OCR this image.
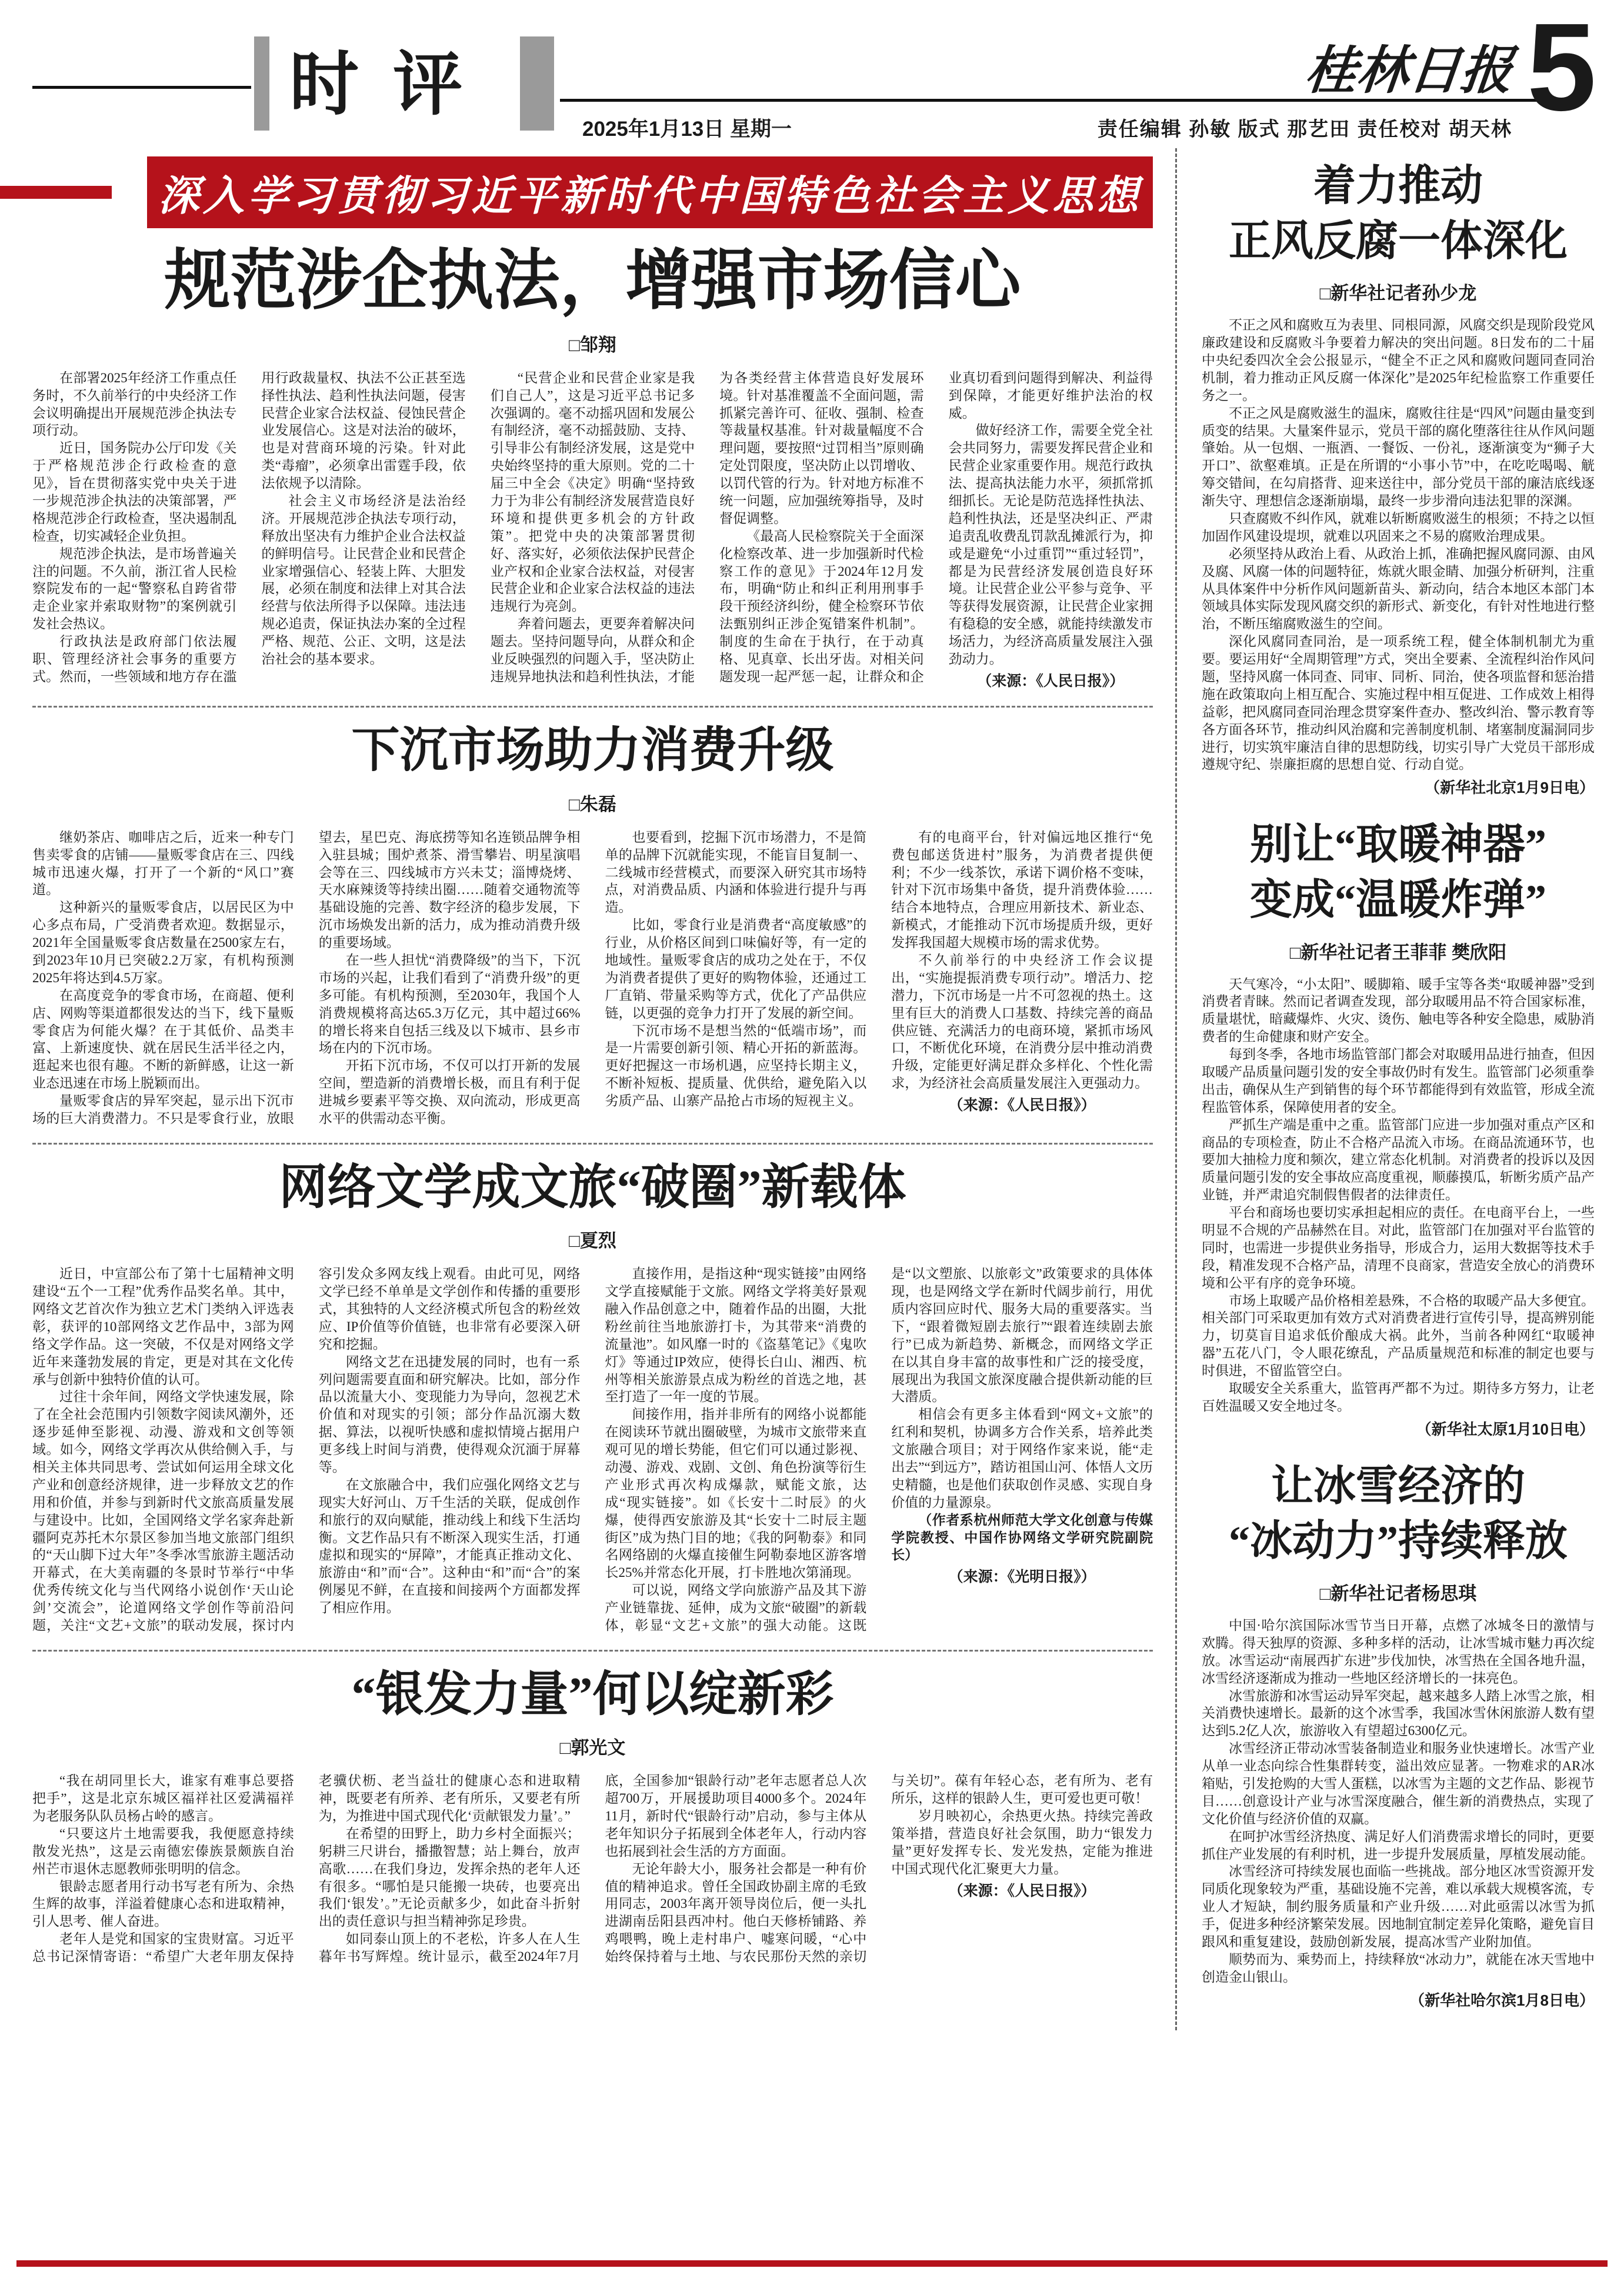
时评
2025年1月13日 星期一
桂林日报 5
责任编辑 孙敏 版式 那艺田 责任校对 胡天林
深入学习贯彻习近平新时代中国特色社会主义思想
规范涉企执法，增强市场信心
□邹翔

在部署2025年经济工作重点任务时，不久前举行的中央经济工作会议明确提出开展规范涉企执法专项行动。

近日，国务院办公厅印发《关于严格规范涉企行政检查的意见》，旨在贯彻落实党中央关于进一步规范涉企执法的决策部署，严格规范涉企行政检查，坚决遏制乱检查，切实减轻企业负担。

规范涉企执法，是市场普遍关注的问题。不久前，浙江省人民检察院发布的一起“警察私自跨省带走企业家并索取财物”的案例就引发社会热议。

行政执法是政府部门依法履职、管理经济社会事务的重要方式。然而，一些领域和地方存在滥用行政裁量权、执法不公正甚至选择性执法、趋利性执法问题，侵害民营企业家合法权益、侵蚀民营企业发展信心。这是对法治的破坏，也是对营商环境的污染。针对此类“毒瘤”，必须拿出雷霆手段，依法依规予以清除。

社会主义市场经济是法治经济。开展规范涉企执法专项行动，释放出坚决有力维护企业合法权益的鲜明信号。让民营企业和民营企业家增强信心、轻装上阵、大胆发展，必须在制度和法律上对其合法经营与依法所得予以保障。违法违规必追责，保证执法办案的全过程严格、规范、公正、文明，这是法治社会的基本要求。

“民营企业和民营企业家是我们自己人”，这是习近平总书记多次强调的。毫不动摇巩固和发展公有制经济，毫不动摇鼓励、支持、引导非公有制经济发展，这是党中央始终坚持的重大原则。党的二十届三中全会《决定》明确“坚持致力于为非公有制经济发展营造良好环境和提供更多机会的方针政策”。把党中央的决策部署贯彻好、落实好，必须依法保护民营企业产权和企业家合法权益，对侵害民营企业和企业家合法权益的违法违规行为亮剑。

奔着问题去，更要奔着解决问题去。坚持问题导向，从群众和企业反映强烈的问题入手，坚决防止违规异地执法和趋利性执法，才能为各类经营主体营造良好发展环境。针对基准覆盖不全面问题，需抓紧完善许可、征收、强制、检查等裁量权基准。针对裁量幅度不合理问题，要按照“过罚相当”原则确定处罚限度，坚决防止以罚增收、以罚代管的行为。针对地方标准不统一问题，应加强统筹指导，及时督促调整。

《最高人民检察院关于全面深化检察改革、进一步加强新时代检察工作的意见》于2024年12月发布，明确“防止和纠正利用刑事手段干预经济纠纷，健全检察环节依法甄别纠正涉企冤错案件机制”。制度的生命在于执行，在于动真格、见真章、长出牙齿。对相关问题发现一起严惩一起，让群众和企业真切看到问题得到解决、利益得到保障，才能更好维护法治的权威。

做好经济工作，需要全党全社会共同努力，需要发挥民营企业和民营企业家重要作用。规范行政执法、提高执法能力水平，须抓常抓细抓长。无论是防范选择性执法、趋利性执法，还是坚决纠正、严肃追责乱收费乱罚款乱摊派行为，抑或是避免“小过重罚”“重过轻罚”，都是为民营经济发展创造良好环境。让民营企业公平参与竞争、平等获得发展资源，让民营企业家拥有稳稳的安全感，就能持续激发市场活力，为经济高质量发展注入强劲动力。

（来源：《人民日报》）

下沉市场助力消费升级
□朱磊

继奶茶店、咖啡店之后，近来一种专门售卖零食的店铺——量贩零食店在三、四线城市迅速火爆，打开了一个新的“风口”赛道。

这种新兴的量贩零食店，以居民区为中心多点布局，广受消费者欢迎。数据显示，2021年全国量贩零食店数量在2500家左右，到2023年10月已突破2.2万家，有机构预测2025年将达到4.5万家。

在高度竞争的零食市场，在商超、便利店、网购等渠道都很发达的当下，线下量贩零食店为何能火爆？在于其低价、品类丰富、上新速度快、就在居民生活半径之内，逛起来也很有趣。不断的新鲜感，让这一新业态迅速在市场上脱颖而出。

量贩零食店的异军突起，显示出下沉市场的巨大消费潜力。不只是零食行业，放眼望去，星巴克、海底捞等知名连锁品牌争相入驻县城；围炉煮茶、滑雪攀岩、明星演唱会等在三、四线城市方兴未艾；淄博烧烤、天水麻辣烫等持续出圈……随着交通物流等基础设施的完善、数字经济的稳步发展，下沉市场焕发出新的活力，成为推动消费升级的重要场域。

在一些人担忧“消费降级”的当下，下沉市场的兴起，让我们看到了“消费升级”的更多可能。有机构预测，至2030年，我国个人消费规模将高达65.3万亿元，其中超过66%的增长将来自包括三线及以下城市、县乡市场在内的下沉市场。

开拓下沉市场，不仅可以打开新的发展空间，塑造新的消费增长极，而且有利于促进城乡要素平等交换、双向流动，形成更高水平的供需动态平衡。

也要看到，挖掘下沉市场潜力，不是简单的品牌下沉就能实现，不能盲目复制一、二线城市经营模式，而要深入研究其市场特点，对消费品质、内涵和体验进行提升与再造。

比如，零食行业是消费者“高度敏感”的行业，从价格区间到口味偏好等，有一定的地域性。量贩零食店的成功之处在于，不仅为消费者提供了更好的购物体验，还通过工厂直销、带量采购等方式，优化了产品供应链，以更强的竞争力打开了发展的新空间。

下沉市场不是想当然的“低端市场”，而是一片需要创新引领、精心开拓的新蓝海。更好把握这一市场机遇，应坚持长期主义，不断补短板、提质量、优供给，避免陷入以劣质产品、山寨产品抢占市场的短视主义。

有的电商平台，针对偏远地区推行“免费包邮送货进村”服务，为消费者提供便利；不少一线茶饮，承诺下调价格不变味，针对下沉市场集中备货，提升消费体验……结合本地特点，合理应用新技术、新业态、新模式，才能推动下沉市场提质升级，更好发挥我国超大规模市场的需求优势。

不久前举行的中央经济工作会议提出，“实施提振消费专项行动”。增活力、挖潜力，下沉市场是一片不可忽视的热土。这里有巨大的消费人口基数、持续完善的商品供应链、充满活力的电商环境，紧抓市场风口，不断优化环境，在消费分层中推动消费升级，定能更好满足群众多样化、个性化需求，为经济社会高质量发展注入更强动力。

（来源：《人民日报》）

网络文学成文旅“破圈”新载体
□夏烈

近日，中宣部公布了第十七届精神文明建设“五个一工程”优秀作品奖名单。其中，网络文艺首次作为独立艺术门类纳入评选表彰，获评的10部网络文艺作品中，3部为网络文学作品。这一突破，不仅是对网络文学近年来蓬勃发展的肯定，更是对其在文化传承与创新中独特价值的认可。

过往十余年间，网络文学快速发展，除了在全社会范围内引领数字阅读风潮外，还逐步延伸至影视、动漫、游戏和文创等领域。如今，网络文学再次从供给侧入手，与相关主体共同思考、尝试如何运用全球文化产业和创意经济规律，进一步释放文艺的作用和价值，并参与到新时代文旅高质量发展与建设中。比如，全国网络文学名家奔赴新疆阿克苏托木尔景区参加当地文旅部门组织的“天山脚下过大年”冬季冰雪旅游主题活动开幕式，在大美南疆的冬景时节举行“中华优秀传统文化与当代网络小说创作‘天山论剑’交流会”，论道网络文学创作等前沿问题，关注“文艺+文旅”的联动发展，探讨内容引发众多网友线上观看。由此可见，网络文学已经不单单是文学创作和传播的重要形式，其独特的人文经济模式所包含的粉丝效应、IP价值等价值链，也非常有必要深入研究和挖掘。

网络文艺在迅捷发展的同时，也有一系列问题需要直面和研究解决。比如，部分作品以流量大小、变现能力为导向，忽视艺术价值和对现实的引领；部分作品沉溺大数据、算法，以视听快感和虚拟情境占据用户更多线上时间与消费，使得观众沉湎于屏幕等。

在文旅融合中，我们应强化网络文艺与现实大好河山、万千生活的关联，促成创作和旅行的双向赋能，推动线上和线下生活均衡。文艺作品只有不断深入现实生活，打通虚拟和现实的“屏障”，才能真正推动文化、旅游由“和”而“合”。这种由“和”而“合”的案例屡见不鲜，在直接和间接两个方面都发挥了相应作用。

直接作用，是指这种“现实链接”由网络文学直接赋能于文旅。网络文学将美好景观融入作品创意之中，随着作品的出圈，大批粉丝前往当地旅游打卡，为其带来“消费的流量池”。如风靡一时的《盗墓笔记》《鬼吹灯》等通过IP效应，使得长白山、湘西、杭州等相关旅游景点成为粉丝的首选之地，甚至打造了一年一度的节展。

间接作用，指并非所有的网络小说都能在阅读环节就出圈破壁，为城市文旅带来直观可见的增长势能，但它们可以通过影视、动漫、游戏、戏剧、文创、角色扮演等衍生产业形式再次构成爆款，赋能文旅，达成“现实链接”。如《长安十二时辰》的火爆，使得西安旅游及其“长安十二时辰主题街区”成为热门目的地；《我的阿勒泰》和同名网络剧的火爆直接催生阿勒泰地区游客增长25%并常态化开展，打卡胜地次第涌现。

可以说，网络文学向旅游产品及其下游产业链靠拢、延伸，成为文旅“破圈”的新载体，彰显“文艺+文旅”的强大动能。这既是“以文塑旅、以旅彰文”政策要求的具体体现，也是网络文学在新时代阔步前行，用优质内容回应时代、服务大局的重要落实。当下，“跟着微短剧去旅行”“跟着连续剧去旅行”已成为新趋势、新概念，而网络文学正在以其自身丰富的故事性和广泛的接受度，展现出为我国文旅深度融合提供新动能的巨大潜质。

相信会有更多主体看到“网文+文旅”的红利和契机，协调多方合作关系，培养此类文旅融合项目；对于网络作家来说，能“走出去”“到远方”，踏访祖国山河、体悟人文历史精髓，也是他们获取创作灵感、实现自身价值的力量源泉。

（作者系杭州师范大学文化创意与传媒学院教授、中国作协网络文学研究院副院长）

（来源：《光明日报》）

“银发力量”何以绽新彩
□郭光文

“我在胡同里长大，谁家有难事总要搭把手”，这是北京东城区福祥社区爱满福祥为老服务队队员杨占岭的感言。

“只要这片土地需要我，我便愿意持续散发光热”，这是云南德宏傣族景颇族自治州芒市退休志愿教师张明明的信念。

银龄志愿者用行动书写老有所为、余热生辉的故事，洋溢着健康心态和进取精神，引人思考、催人奋进。

老年人是党和国家的宝贵财富。习近平总书记深情寄语：“希望广大老年朋友保持老骥伏枥、老当益壮的健康心态和进取精神，既要老有所养、老有所乐，又要老有所为，为推进中国式现代化‘贡献银发力量’。”

在希望的田野上，助力乡村全面振兴；躬耕三尺讲台，播撒智慧；站上舞台，放声高歌……在我们身边，发挥余热的老年人还有很多。“哪怕是只能搬一块砖，也要亮出我们‘银发’。”无论贡献多少，如此奋斗折射出的责任意识与担当精神弥足珍贵。

如同泰山顶上的不老松，许多人在人生暮年书写辉煌。统计显示，截至2024年7月底，全国参加“银龄行动”老年志愿者总人次超700万，开展援助项目4000多个。2024年11月，新时代“银龄行动”启动，参与主体从老年知识分子拓展到全体老年人，行动内容也拓展到社会生活的方方面面。

无论年龄大小，服务社会都是一种有价值的精神追求。曾任全国政协副主席的毛致用同志，2003年离开领导岗位后，便一头扎进湖南岳阳县西冲村。他白天修桥铺路、养鸡喂鸭，晚上走村串户、嘘寒问暖，“心中始终保持着与土地、与农民那份天然的亲切与关切”。葆有年轻心态，老有所为、老有所乐，这样的银龄人生，更可爱也更可敬！

岁月映初心，余热更火热。持续完善政策举措，营造良好社会氛围，助力“银发力量”更好发挥专长、发光发热，定能为推进中国式现代化汇聚更大力量。

（来源：《人民日报》）

着力推动
正风反腐一体深化
□新华社记者孙少龙

不正之风和腐败互为表里、同根同源，风腐交织是现阶段党风廉政建设和反腐败斗争要着力解决的突出问题。8日发布的二十届中央纪委四次全会公报显示，“健全不正之风和腐败问题同查同治机制，着力推动正风反腐一体深化”是2025年纪检监察工作重要任务之一。

不正之风是腐败滋生的温床，腐败往往是“四风”问题由量变到质变的结果。大量案件显示，党员干部的腐化堕落往往从作风问题肇始。从一包烟、一瓶酒、一餐饭、一份礼，逐渐演变为“狮子大开口”、欲壑难填。正是在所谓的“小事小节”中，在吃吃喝喝、觥筹交错间，在勾肩搭背、迎来送往中，部分党员干部的廉洁底线逐渐失守、理想信念逐渐崩塌，最终一步步滑向违法犯罪的深渊。

只查腐败不纠作风，就难以斩断腐败滋生的根须；不持之以恒加固作风建设堤坝，就难以巩固来之不易的腐败治理成果。

必须坚持从政治上看、从政治上抓，准确把握风腐同源、由风及腐、风腐一体的问题特征，炼就火眼金睛、加强分析研判，注重从具体案件中分析作风问题新苗头、新动向，结合本地区本部门本领域具体实际发现风腐交织的新形式、新变化，有针对性地进行整治，不断压缩腐败滋生的空间。

深化风腐同查同治，是一项系统工程，健全体制机制尤为重要。要运用好“全周期管理”方式，突出全要素、全流程纠治作风问题，坚持风腐一体同查、同审、同析、同治，使各项监督和惩治措施在政策取向上相互配合、实施过程中相互促进、工作成效上相得益彰，把风腐同查同治理念贯穿案件查办、整改纠治、警示教育等各方面各环节，推动纠风治腐和完善制度机制、堵塞制度漏洞同步进行，切实筑牢廉洁自律的思想防线，切实引导广大党员干部形成遵规守纪、崇廉拒腐的思想自觉、行动自觉。

（新华社北京1月9日电）
别让“取暖神器”
变成“温暖炸弹”
□新华社记者王菲菲 樊欣阳

天气寒冷，“小太阳”、暖脚箱、暖手宝等各类“取暖神器”受到消费者青睐。然而记者调查发现，部分取暖用品不符合国家标准，质量堪忧，暗藏爆炸、火灾、烫伤、触电等各种安全隐患，威胁消费者的生命健康和财产安全。

每到冬季，各地市场监管部门都会对取暖用品进行抽查，但因取暖产品质量问题引发的安全事故仍时有发生。监管部门必须重拳出击，确保从生产到销售的每个环节都能得到有效监管，形成全流程监管体系，保障使用者的安全。

严抓生产端是重中之重。监管部门应进一步加强对重点产区和商品的专项检查，防止不合格产品流入市场。在商品流通环节，也要加大抽检力度和频次，建立常态化机制。对消费者的投诉以及因质量问题引发的安全事故应高度重视，顺藤摸瓜，斩断劣质产品产业链，并严肃追究制假售假者的法律责任。

平台和商场也要切实承担起相应的责任。在电商平台上，一些明显不合规的产品赫然在目。对此，监管部门在加强对平台监管的同时，也需进一步提供业务指导，形成合力，运用大数据等技术手段，精准发现不合格产品，清理不良商家，营造安全放心的消费环境和公平有序的竞争环境。

市场上取暖产品价格相差悬殊，不合格的取暖产品大多便宜。相关部门可采取更加有效方式对消费者进行宣传引导，提高辨别能力，切莫盲目追求低价酿成大祸。此外，当前各种网红“取暖神器”五花八门，令人眼花缭乱，产品质量规范和标准的制定也要与时俱进，不留监管空白。

取暖安全关系重大，监管再严都不为过。期待多方努力，让老百姓温暖又安全地过冬。

（新华社太原1月10日电）
让冰雪经济的
“冰动力”持续释放
□新华社记者杨思琪

中国·哈尔滨国际冰雪节当日开幕，点燃了冰城冬日的激情与欢腾。得天独厚的资源、多种多样的活动，让冰雪城市魅力再次绽放。冰雪运动“南展西扩东进”步伐加快，冰雪热在全国各地升温，冰雪经济逐渐成为推动一些地区经济增长的一抹亮色。

冰雪旅游和冰雪运动异军突起，越来越多人踏上冰雪之旅，相关消费快速增长。最新的这个冰雪季，我国冰雪休闲旅游人数有望达到5.2亿人次，旅游收入有望超过6300亿元。

冰雪经济正带动冰雪装备制造业和服务业快速增长。冰雪产业从单一业态向综合性集群转变，溢出效应显著。一物难求的AR冰箱贴，引发抢购的大雪人蛋糕，以冰雪为主题的文艺作品、影视节目……创意设计产业与冰雪深度融合，催生新的消费热点，实现了文化价值与经济价值的双赢。

在呵护冰雪经济热度、满足好人们消费需求增长的同时，更要抓住产业发展的有利时机，进一步提升发展质量，厚植发展动能。

冰雪经济可持续发展也面临一些挑战。部分地区冰雪资源开发同质化现象较为严重，基础设施不完善，难以承载大规模客流，专业人才短缺，制约服务质量和产业升级……对此亟需以冰雪为抓手，促进多种经济繁荣发展。因地制宜制定差异化策略，避免盲目跟风和重复建设，鼓励创新发展，提高冰雪产业附加值。

顺势而为、乘势而上，持续释放“冰动力”，就能在冰天雪地中创造金山银山。

（新华社哈尔滨1月8日电）
